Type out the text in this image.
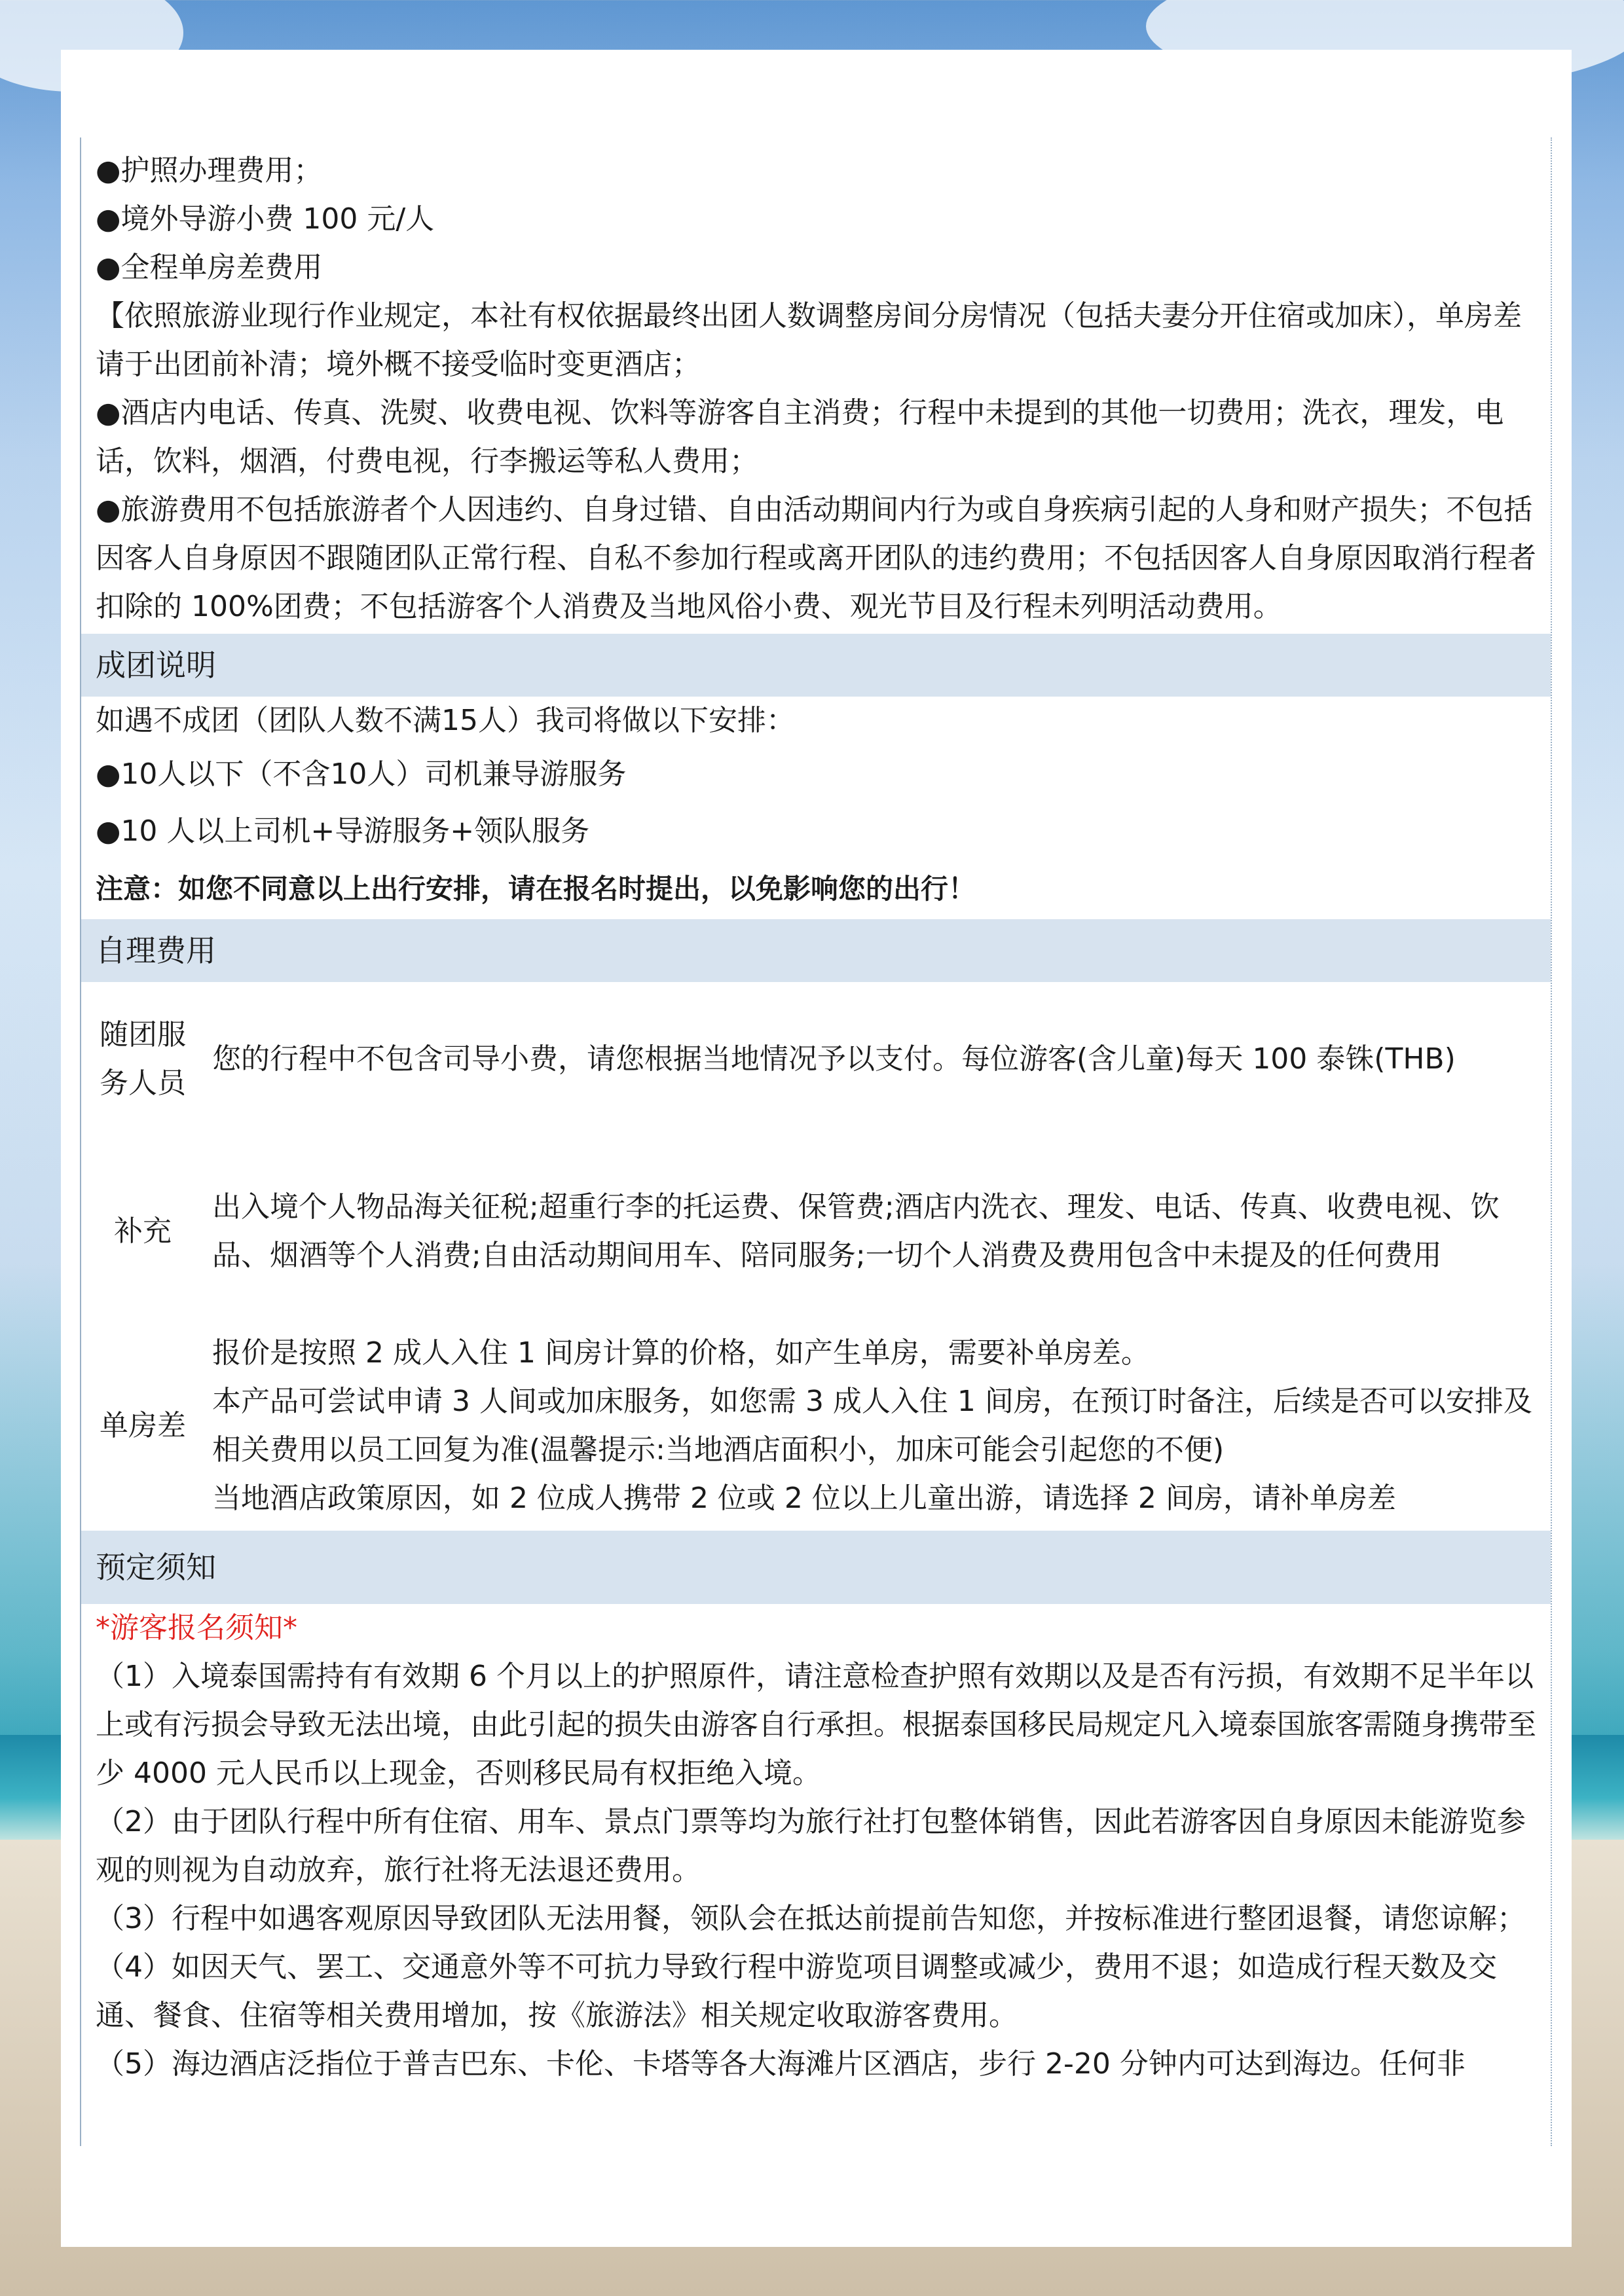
●护照办理费用；
●境外导游小费 100 元/人
●全程单房差费用
【依照旅游业现行作业规定，本社有权依据最终出团人数调整房间分房情况（包括夫妻分开住宿或加床），单房差请于出团前补清；境外概不接受临时变更酒店；
●酒店内电话、传真、洗熨、收费电视、饮料等游客自主消费；行程中未提到的其他一切费用；洗衣，理发，电话，饮料，烟酒，付费电视，行李搬运等私人费用；
●旅游费用不包括旅游者个人因违约、自身过错、自由活动期间内行为或自身疾病引起的人身和财产损失；不包括因客人自身原因不跟随团队正常行程、自私不参加行程或离开团队的违约费用；不包括因客人自身原因取消行程者扣除的 100%团费；不包括游客个人消费及当地风俗小费、观光节目及行程未列明活动费用。
成团说明
如遇不成团（团队人数不满15人）我司将做以下安排：
●10人以下（不含10人）司机兼导游服务
●10 人以上司机+导游服务+领队服务
注意：如您不同意以上出行安排，请在报名时提出，以免影响您的出行！
自理费用
随团服务人员	您的行程中不包含司导小费，请您根据当地情况予以支付。每位游客(含儿童)每天 100 泰铢(THB)
补充	出入境个人物品海关征税;超重行李的托运费、保管费;酒店内洗衣、理发、电话、传真、收费电视、饮品、烟酒等个人消费;自由活动期间用车、陪同服务;一切个人消费及费用包含中未提及的任何费用
单房差	报价是按照 2 成人入住 1 间房计算的价格，如产生单房，需要补单房差。
本产品可尝试申请 3 人间或加床服务，如您需 3 成人入住 1 间房，在预订时备注，后续是否可以安排及相关费用以员工回复为准(温馨提示:当地酒店面积小，加床可能会引起您的不便)
当地酒店政策原因，如 2 位成人携带 2 位或 2 位以上儿童出游，请选择 2 间房，请补单房差
预定须知
*游客报名须知*
（1）入境泰国需持有有效期 6 个月以上的护照原件，请注意检查护照有效期以及是否有污损，有效期不足半年以上或有污损会导致无法出境，由此引起的损失由游客自行承担。根据泰国移民局规定凡入境泰国旅客需随身携带至少 4000 元人民币以上现金，否则移民局有权拒绝入境。
（2）由于团队行程中所有住宿、用车、景点门票等均为旅行社打包整体销售，因此若游客因自身原因未能游览参观的则视为自动放弃，旅行社将无法退还费用。
（3）行程中如遇客观原因导致团队无法用餐，领队会在抵达前提前告知您，并按标准进行整团退餐，请您谅解；
（4）如因天气、罢工、交通意外等不可抗力导致行程中游览项目调整或减少，费用不退；如造成行程天数及交通、餐食、住宿等相关费用增加，按《旅游法》相关规定收取游客费用。
（5）海边酒店泛指位于普吉巴东、卡伦、卡塔等各大海滩片区酒店，步行 2-20 分钟内可达到海边。任何非
